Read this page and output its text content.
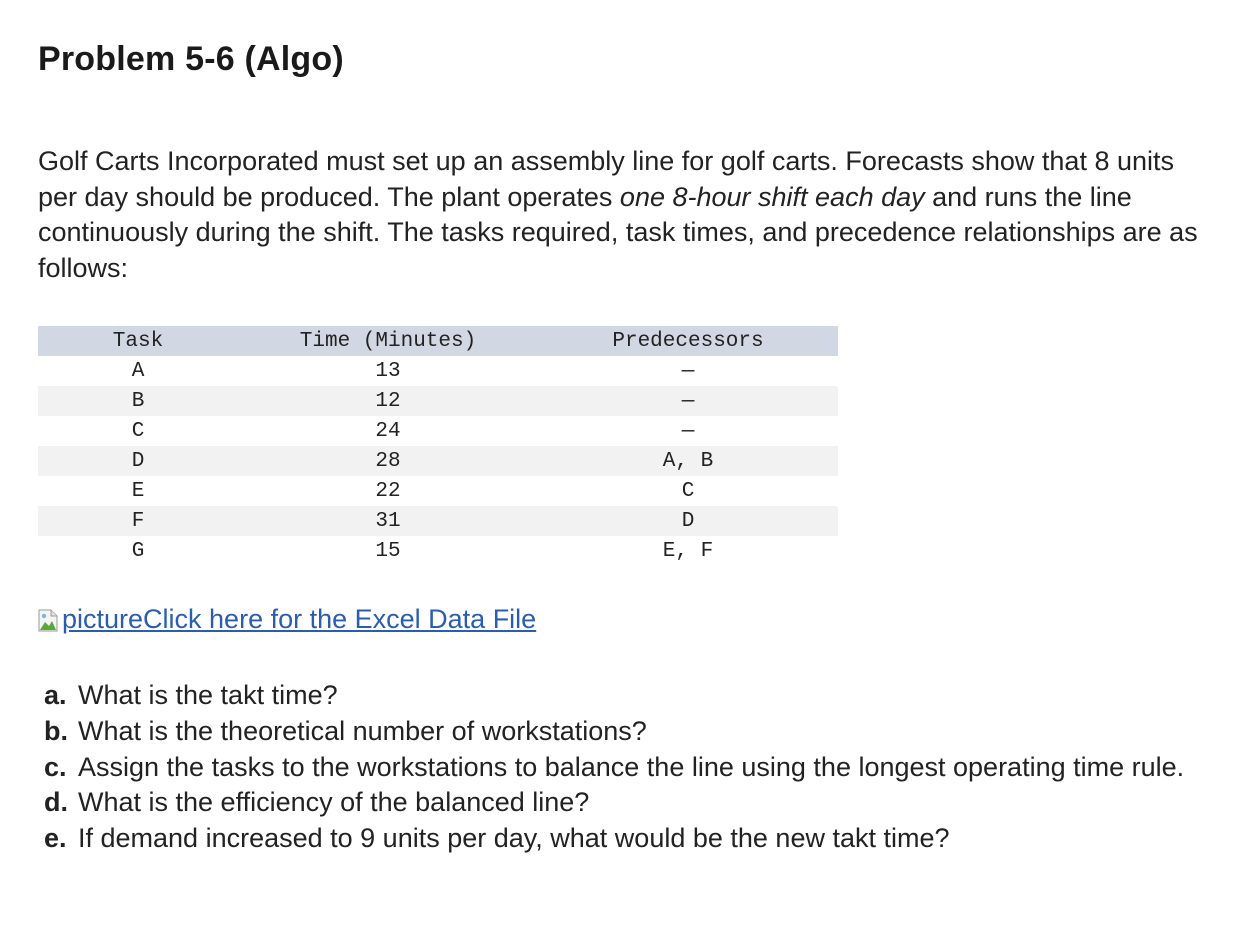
Problem 5-6 (Algo)

Golf Carts Incorporated must set up an assembly line for golf carts. Forecasts show that 8 units per day should be produced. The plant operates one 8-hour shift each day and runs the line continuously during the shift. The tasks required, task times, and precedence relationships are as follows:

Task	Time (Minutes)	Predecessors
A	13	—
B	12	—
C	24	—
D	28	A, B
E	22	C
F	31	D
G	15	E, F
picture Click here for the Excel Data File
a. What is the takt time?
b. What is the theoretical number of workstations?
c. Assign the tasks to the workstations to balance the line using the longest operating time rule.
d. What is the efficiency of the balanced line?
e. If demand increased to 9 units per day, what would be the new takt time?
